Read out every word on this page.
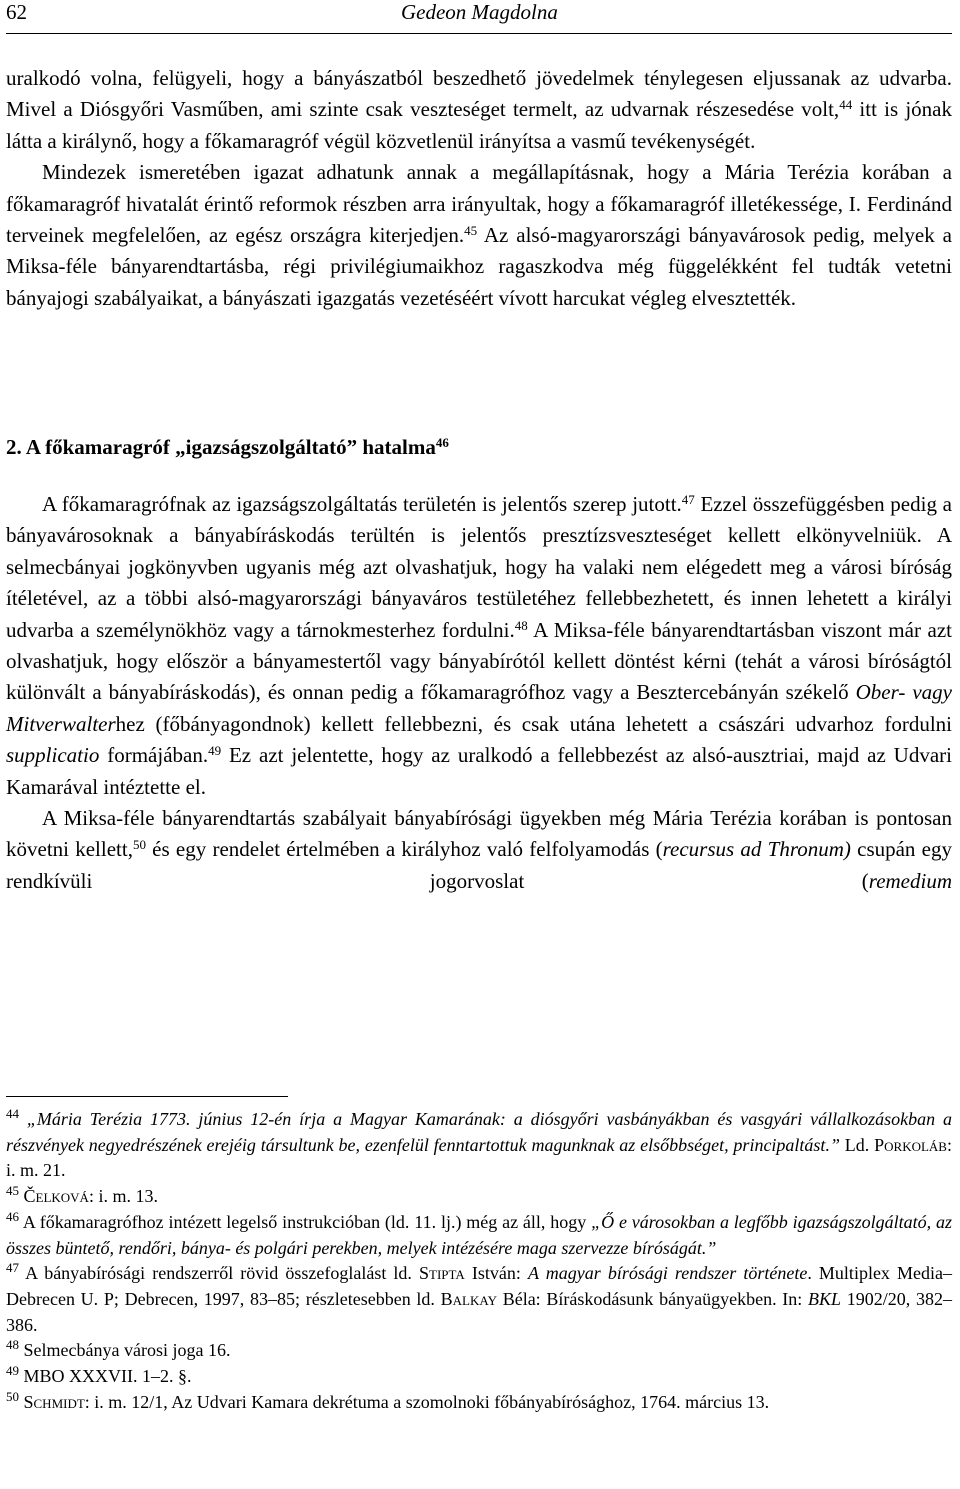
62	Gedeon Magdolna

uralkodó volna, felügyeli, hogy a bányászatból beszedhető jövedelmek ténylegesen eljussanak az udvarba. Mivel a Diósgyőri Vasműben, ami szinte csak veszteséget termelt, az udvarnak részesedése volt,$^{44}$ itt is jónak látta a királynő, hogy a főkamaragróf végül közvetlenül irányítsa a vasmű tevékenységét.

Mindezek ismeretében igazat adhatunk annak a megállapításnak, hogy a Mária Terézia korában a főkamaragróf hivatalát érintő reformok részben arra irányultak, hogy a főkamaragróf illetékessége, I. Ferdinánd terveinek megfelelően, az egész országra kiterjedjen.$^{45}$ Az alsó-magyarországi bányavárosok pedig, melyek a Miksa-féle bányarendtartásba, régi privilégiumaikhoz ragaszkodva még függelékként fel tudták vetetni bányajogi szabályaikat, a bányászati igazgatás vezetéséért vívott harcukat végleg elvesztették.

2. A főkamaragróf „igazságszolgáltató” hatalma$^{46}$

A főkamaragrófnak az igazságszolgáltatás területén is jelentős szerep jutott.$^{47}$ Ezzel összefüggésben pedig a bányavárosoknak a bányabíráskodás terültén is jelentős presztízsveszteséget kellett elkönyvelniük. A selmecbányai jogkönyvben ugyanis még azt olvashatjuk, hogy ha valaki nem elégedett meg a városi bíróság ítéletével, az a többi alsó-magyarországi bányaváros testületéhez fellebbezhetett, és innen lehetett a királyi udvarba a személynökhöz vagy a tárnokmesterhez fordulni.$^{48}$ A Miksa-féle bányarendtartásban viszont már azt olvashatjuk, hogy először a bányamestertől vagy bányabírótól kellett döntést kérni (tehát a városi bíróságtól különvált a bányabíráskodás), és onnan pedig a főkamaragrófhoz vagy a Besztercebányán székelő Ober- vagy Mitverwalterhez (főbányagondnok) kellett fellebbezni, és csak utána lehetett a császári udvarhoz fordulni supplicatio formájában.$^{49}$ Ez azt jelentette, hogy az uralkodó a fellebbezést az alsó-ausztriai, majd az Udvari Kamarával intéztette el.

A Miksa-féle bányarendtartás szabályait bányabírósági ügyekben még Mária Terézia korában is pontosan követni kellett,$^{50}$ és egy rendelet értelmében a királyhoz való felfolyamodás (recursus ad Thronum) csupán egy rendkívüli jogorvoslat (remedium

$^{44}$ „Mária Terézia 1773. június 12-én írja a Magyar Kamarának: a diósgyőri vasbányákban és vasgyári vállalkozásokban a részvények negyedrészének erejéig társultunk be, ezenfelül fenntartottuk magunknak az elsőbbséget, principaltást.” Ld. Porkoláb: i. m. 21.

$^{45}$ Čelková: i. m. 13.

$^{46}$ A főkamaragrófhoz intézett legelső instrukcióban (ld. 11. lj.) még az áll, hogy „Ő e városokban a legfőbb igazságszolgáltató, az összes büntető, rendőri, bánya- és polgári perekben, melyek intézésére maga szervezze bíróságát.”

$^{47}$ A bányabírósági rendszerről rövid összefoglalást ld. Stipta István: A magyar bírósági rendszer története. Multiplex Media–Debrecen U. P; Debrecen, 1997, 83–85; részletesebben ld. Balkay Béla: Bíráskodásunk bányaügyekben. In: BKL 1902/20, 382–386.

$^{48}$ Selmecbánya városi joga 16.

$^{49}$ MBO XXXVII. 1–2. §.

$^{50}$ Schmidt: i. m. 12/1, Az Udvari Kamara dekrétuma a szomolnoki főbányabírósághoz, 1764. március 13.
